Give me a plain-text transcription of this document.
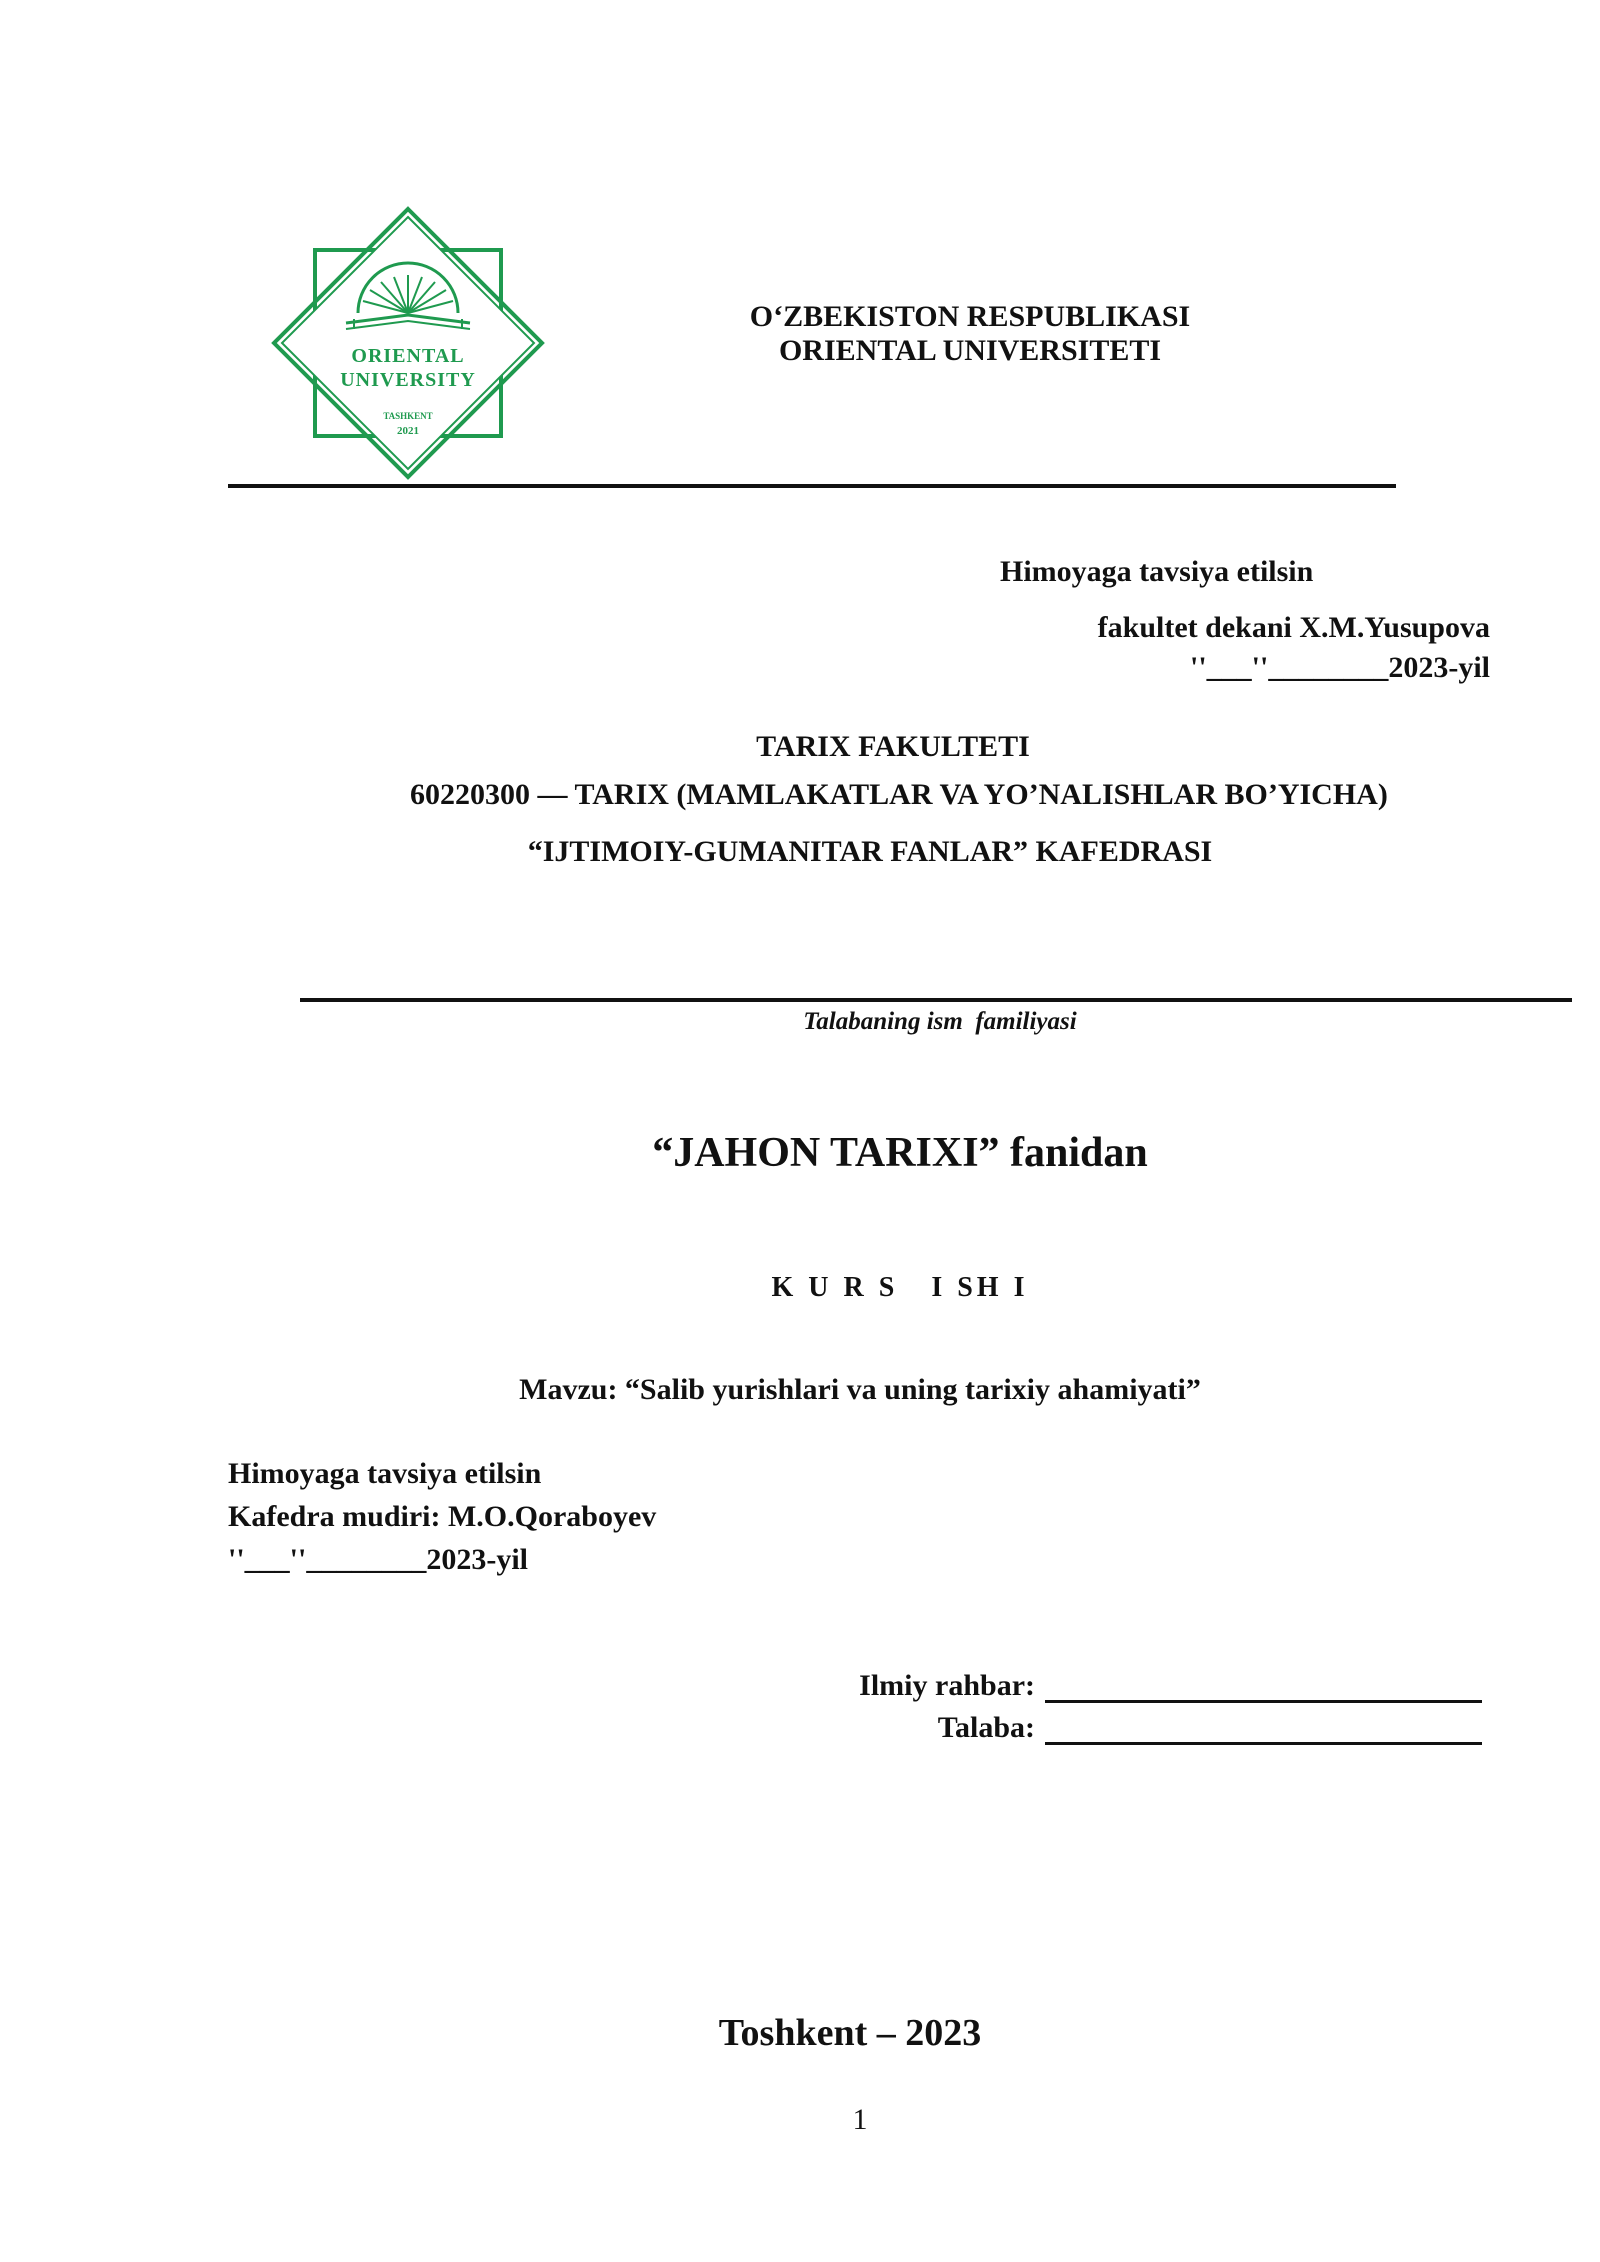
ORIENTAL
UNIVERSITY
TASHKENT
2021
O‘ZBEKISTON RESPUBLIKASI
ORIENTAL UNIVERSITETI
Himoyaga tavsiya etilsin
fakultet dekani X.M.Yusupova
''___''________2023-yil
TARIX FAKULTETI
60220300 — TARIX (MAMLAKATLAR VA YO’NALISHLAR BO’YICHA)
“IJTIMOIY-GUMANITAR FANLAR” KAFEDRASI
Talabaning ism  familiyasi
“JAHON TARIXI” fanidan
K U R S   I SH I
Mavzu: “Salib yurishlari va uning tarixiy ahamiyati”
Himoyaga tavsiya etilsin
Kafedra mudiri: M.O.Qoraboyev
''___''________2023-yil
Ilmiy rahbar:
Talaba:
Toshkent – 2023
1
